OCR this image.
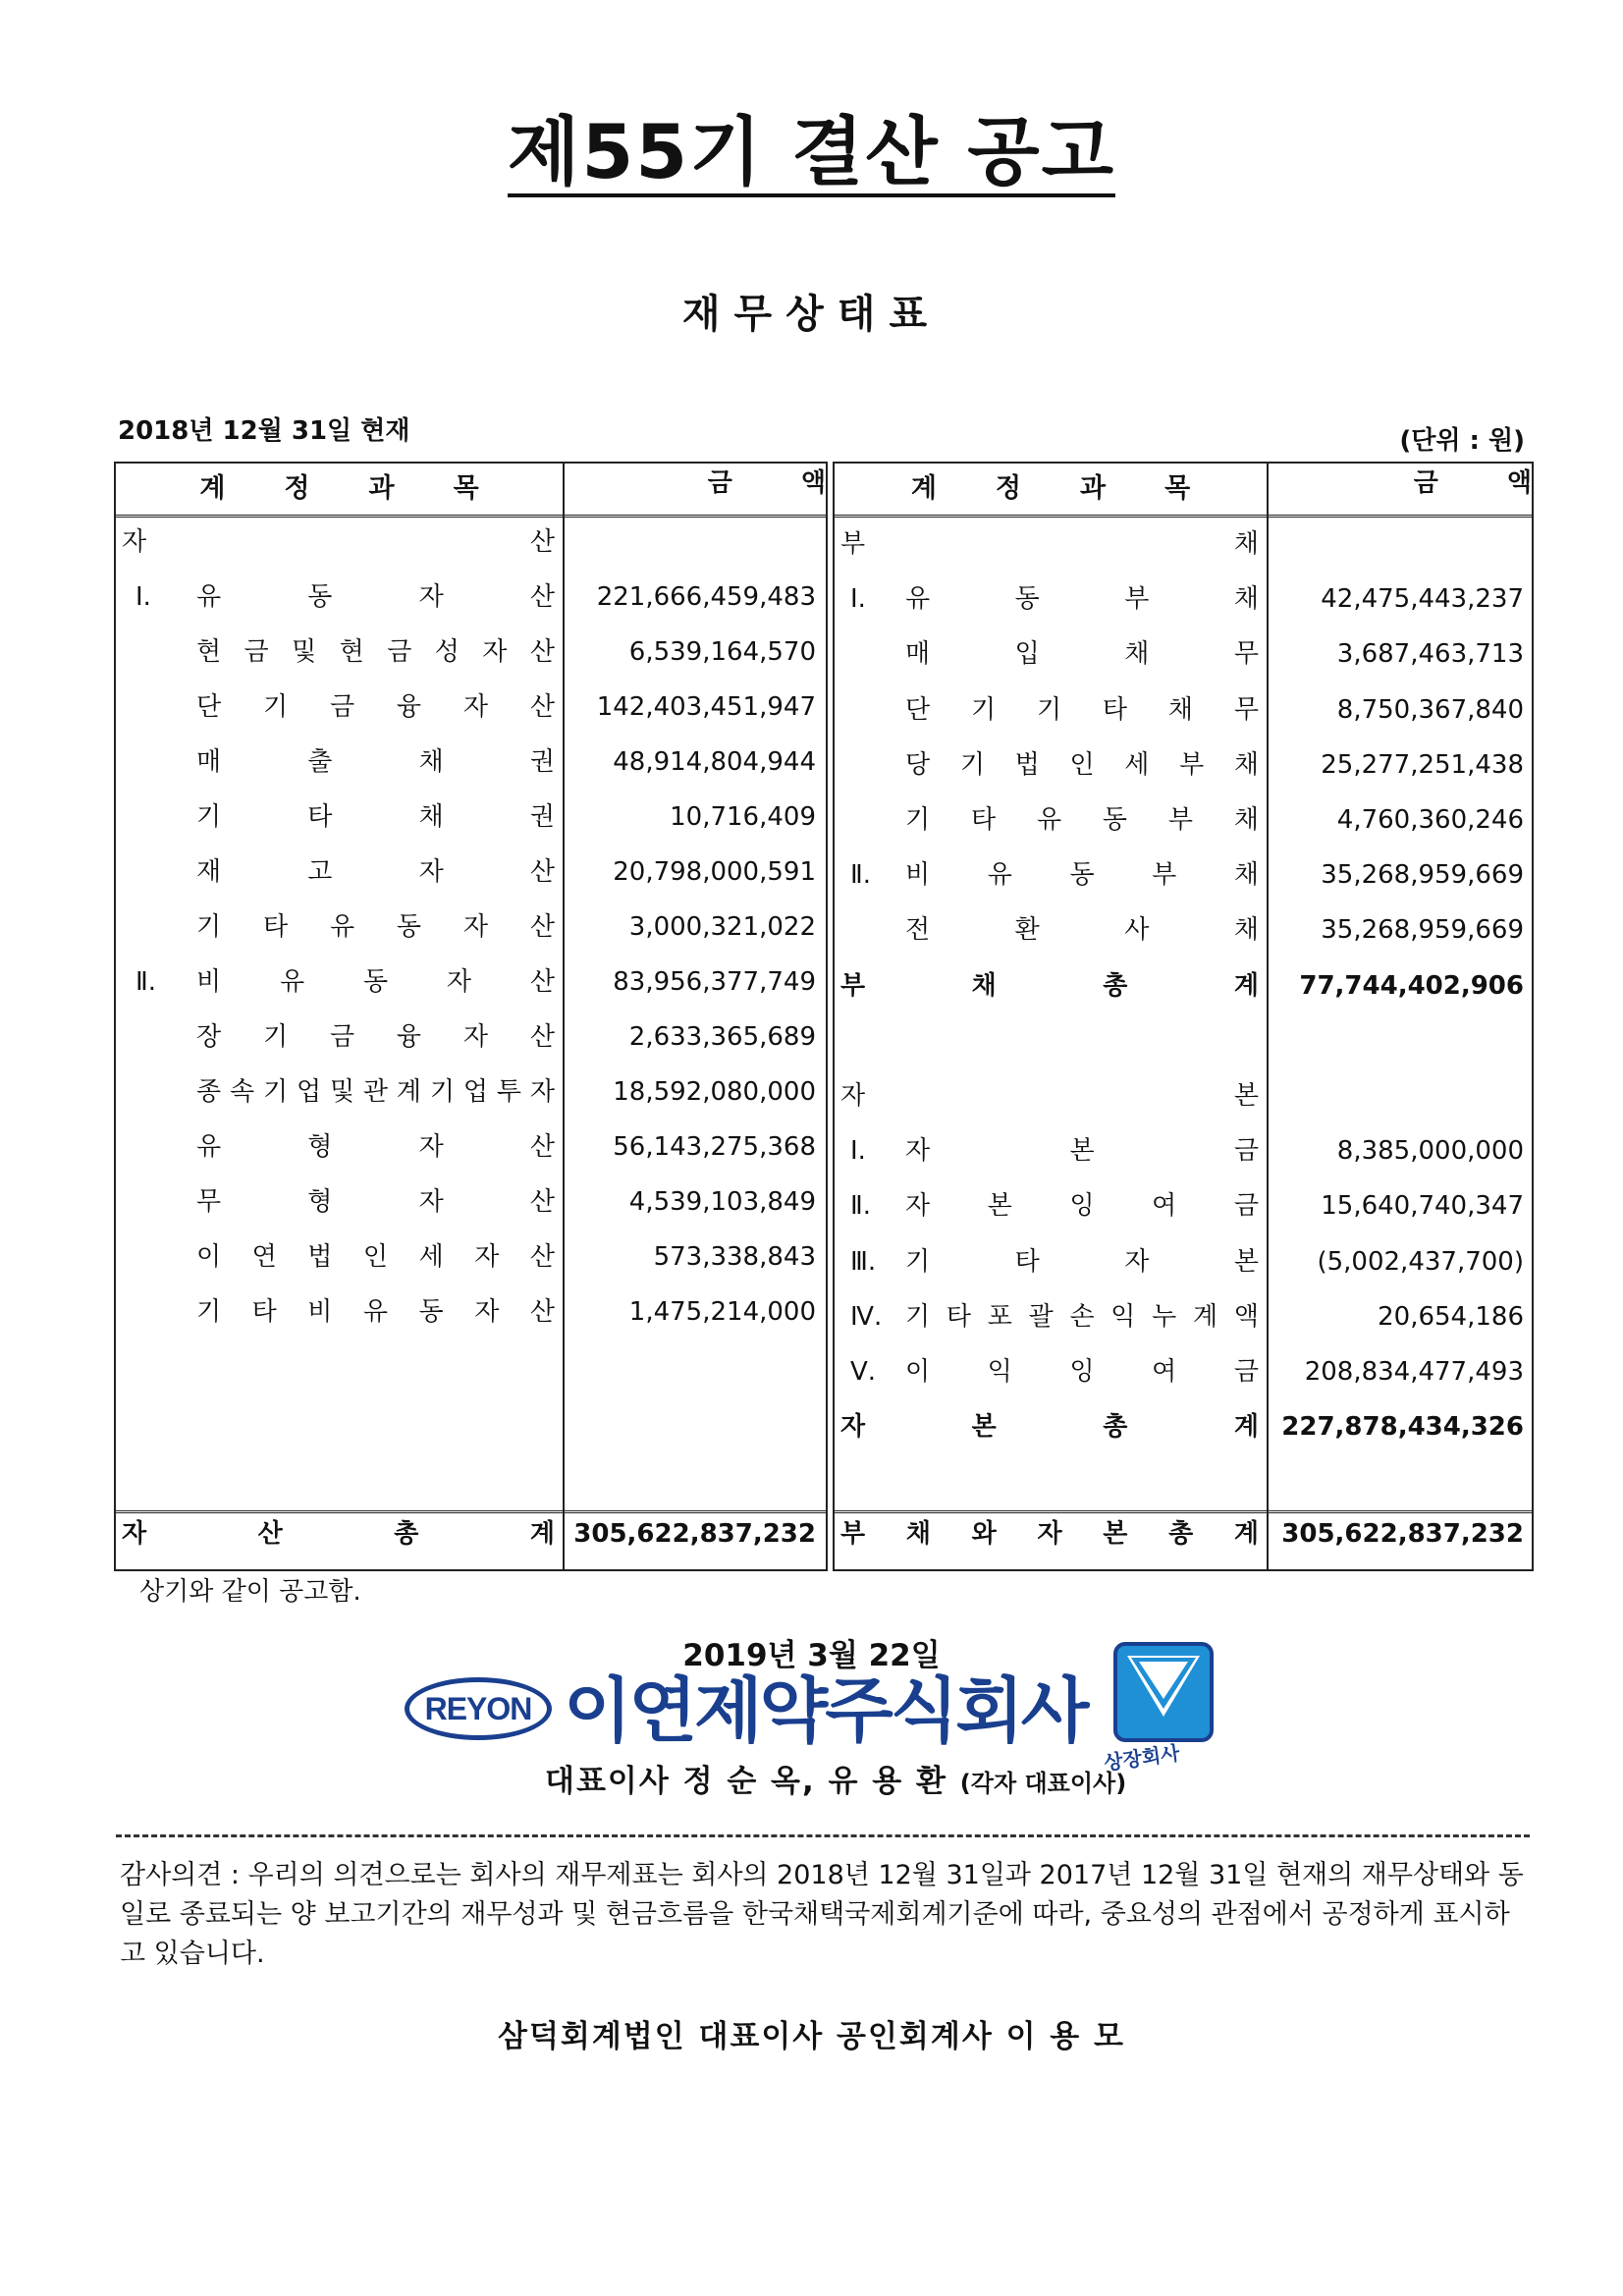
제55기 결산 공고
재무상태표
2018년 12월 31일 현재	(단위 : 원)
계정과목	금액
자	산
Ⅰ. 유	동	자	산	221,666,459,483
현 금 및 현 금 성 자 산	6,539,164,570
단 기 금 융 자 산	142,403,451,947
매	출	채	권	48,914,804,944
기	타	채	권	10,716,409
재	고	자	산	20,798,000,591
기 타 유 동 자 산	3,000,321,022
Ⅱ. 비 유 동 자 산	83,956,377,749
장 기 금 융 자 산	2,633,365,689
종 속 기 업 및 관 계 기 업 투 자	18,592,080,000
유	형	자	산	56,143,275,368
무	형	자	산	4,539,103,849
이 연 법 인 세 자 산	573,338,843
기 타 비 유 동 자 산	1,475,214,000
자	산	총	계 305,622,837,232
계정과목	금액
부	채
Ⅰ. 유	동	부	채	42,475,443,237
매	입	채	무	3,687,463,713
단 기 기 타 채 무	8,750,367,840
당 기 법 인 세 부 채	25,277,251,438
기 타 유 동 부 채	4,760,360,246
Ⅱ. 비 유 동 부 채	35,268,959,669
전	환	사	채	35,268,959,669
부	채	총	계	77,744,402,906
자	본
Ⅰ. 자	본	금	8,385,000,000
Ⅱ. 자 본 잉 여 금	15,640,740,347
Ⅲ. 기	타	자	본	(5,002,437,700)
Ⅳ. 기 타 포 괄 손 익 누 계 액	20,654,186
Ⅴ. 이 익 잉 여 금	208,834,477,493
자	본	총	계 227,878,434,326
부 채 와 자 본 총 계 305,622,837,232
상기와 같이 공고함.
2019년 3월 22일
REYON 이연제약주식회사
상장회사
대표이사 정 순 옥, 유 용 환 (각자 대표이사)
감사의견 : 우리의 의견으로는 회사의 재무제표는 회사의 2018년 12월 31일과 2017년 12월 31일 현재의 재무상태와 동일로 종료되는 양 보고기간의 재무성과 및 현금흐름을 한국채택국제회계기준에 따라, 중요성의 관점에서 공정하게 표시하고 있습니다.
삼덕회계법인 대표이사 공인회계사 이 용 모
